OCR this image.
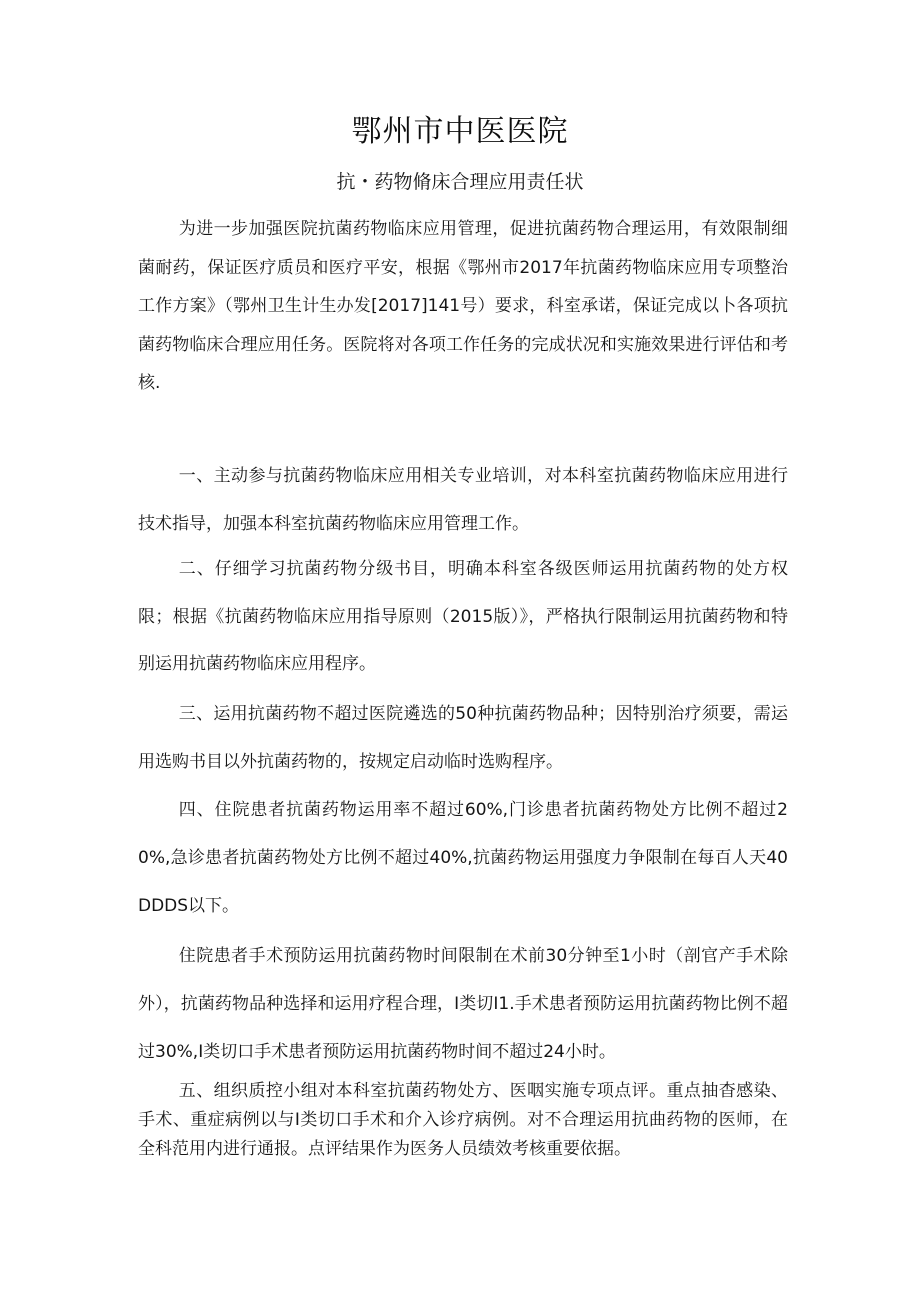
鄂州市中医医院
抗・药物脩床合理应用责任状

为进一步加强医院抗菌药物临床应用管理，促进抗菌药物合理运用，有效限制细菌耐药，保证医疗质员和医疗平安，根据《鄂州市2017年抗菌药物临床应用专项整治工作方案》（鄂州卫生计生办发[2017]141号）要求，科室承诺，保证完成以卜各项抗菌药物临床合理应用任务。医院将对各项工作任务的完成状况和实施效果进行评估和考核.

一、主动参与抗菌药物临床应用相关专业培训，对本科室抗菌药物临床应用进行技术指导，加强本科室抗菌药物临床应用管理工作。

二、仔细学习抗菌药物分级书目，明确本科室各级医师运用抗菌药物的处方权限；根据《抗菌药物临床应用指导原则（2015版）》，严格执行限制运用抗菌药物和特别运用抗菌药物临床应用程序。

三、运用抗菌药物不超过医院遴选的50种抗菌药物品种；因特别治疗须要，需运用选购书目以外抗菌药物的，按规定启动临时选购程序。

四、住院患者抗菌药物运用率不超过60%,门诊患者抗菌药物处方比例不超过20%,急诊患者抗菌药物处方比例不超过40%,抗菌药物运用强度力争限制在每百人天40DDDS以下。

住院患者手术预防运用抗菌药物时间限制在术前30分钟至1小时（剖官产手术除外），抗菌药物品种选择和运用疗程合理，I类切I1.手术患者预防运用抗菌药物比例不超过30%,I类切口手术患者预防运用抗菌药物时间不超过24小时。

五、组织质控小组对本科室抗菌药物处方、医咽实施专项点评。重点抽杳感染、手术、重症病例以与I类切口手术和介入诊疗病例。对不合理运用抗曲药物的医师，在全科范用内进行通报。点评结果作为医务人员绩效考核重要依据。
